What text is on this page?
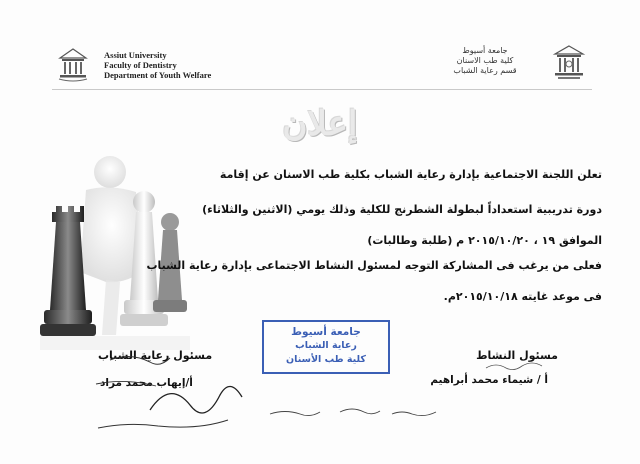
Assiut University
Faculty of Dentistry
Department of Youth Welfare
جامعة أسيوط
كلية طب الاسنان
قسم رعاية الشباب
إعلان
تعلن اللجنة الاجتماعية بإدارة رعاية الشباب بكلية طب الاسنان عن إقامة
دورة تدريبية استعداداً لبطولة الشطرنج للكلية وذلك يومي (الاثنين والثلاثاء)
الموافق ١٩ ، ٢٠١٥/١٠/٢٠ م (طلبة وطالبات)
فعلى من يرغب فى المشاركة التوجه لمسئول النشاط الاجتماعى بإدارة رعاية الشباب
فى موعد غايته ٢٠١٥/١٠/١٨م.
جامعة أسيوط
رعاية الشباب
كلية طب الأسنان	مسئول النشاط
أ / شيماء محمد أبراهيم
مسئول رعاية الشباب
أ/إيهاب محمد مراد
